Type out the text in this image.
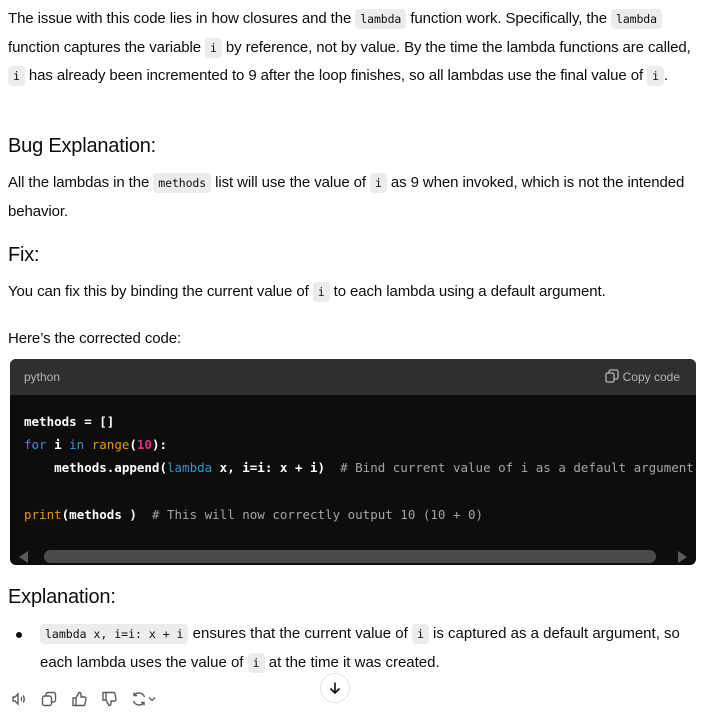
The issue with this code lies in how closures and the lambda function work. Specifically, the lambda function captures the variable i by reference, not by value. By the time the lambda functions are called, i has already been incremented to 9 after the loop finishes, so all lambdas use the final value of i .

Bug Explanation:

All the lambdas in the methods list will use the value of i as 9 when invoked, which is not the intended behavior.

Fix:

You can fix this by binding the current value of i to each lambda using a default argument.

Here’s the corrected code:

python	Copy code
methods = []
for i in range(10):
methods.append(lambda x, i=i: x + i)  # Bind current value of i as a default argument

print(methods )  # This will now correctly output 10 (10 + 0)
Explanation:
lambda x, i=i: x + i ensures that the current value of i is captured as a default argument, so each lambda uses the value of i at the time it was created.
